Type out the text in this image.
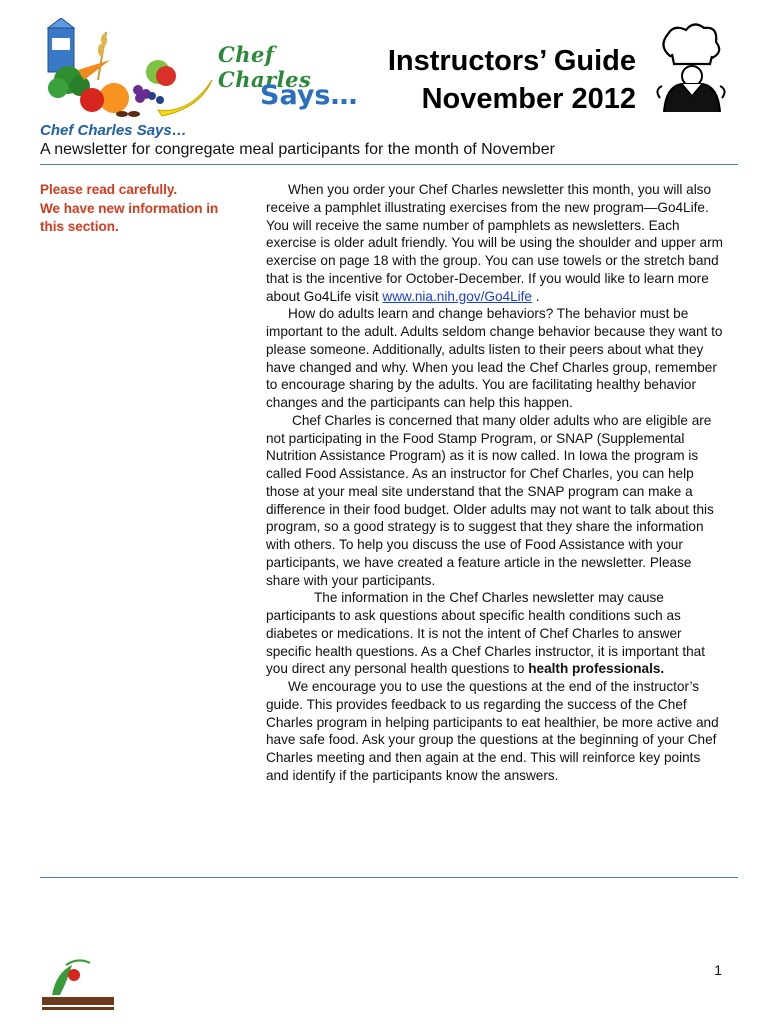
Chef Charles
Says…
Instructors’ Guide
November 2012
Chef Charles Says…
A newsletter for congregate meal participants for the month of November
Please read carefully.
We have new information in
this section.

When you order your Chef Charles newsletter this month, you will also receive a pamphlet illustrating exercises from the new program—Go4Life. You will receive the same number of pamphlets as newsletters. Each exercise is older adult friendly. You will be using the shoulder and upper arm exercise on page 18 with the group. You can use towels or the stretch band that is the incentive for October-December. If you would like to learn more about Go4Life visit www.nia.nih.gov/Go4Life .

How do adults learn and change behaviors? The behavior must be important to the adult. Adults seldom change behavior because they want to please someone. Additionally, adults listen to their peers about what they have changed and why. When you lead the Chef Charles group, remember to encourage sharing by the adults. You are facilitating healthy behavior changes and the participants can help this happen.

Chef Charles is concerned that many older adults who are eligible are not participating in the Food Stamp Program, or SNAP (Supplemental Nutrition Assistance Program) as it is now called. In Iowa the program is called Food Assistance. As an instructor for Chef Charles, you can help those at your meal site understand that the SNAP program can make a difference in their food budget. Older adults may not want to talk about this program, so a good strategy is to suggest that they share the information with others. To help you discuss the use of Food Assistance with your participants, we have created a feature article in the newsletter. Please share with your participants.

The information in the Chef Charles newsletter may cause participants to ask questions about specific health conditions such as diabetes or medications. It is not the intent of Chef Charles to answer specific health questions. As a Chef Charles instructor, it is important that you direct any personal health questions to health professionals.

We encourage you to use the questions at the end of the instructor’s guide. This provides feedback to us regarding the success of the Chef Charles program in helping participants to eat healthier, be more active and have safe food. Ask your group the questions at the beginning of your Chef Charles meeting and then again at the end. This will reinforce key points and identify if the participants know the answers.

1
